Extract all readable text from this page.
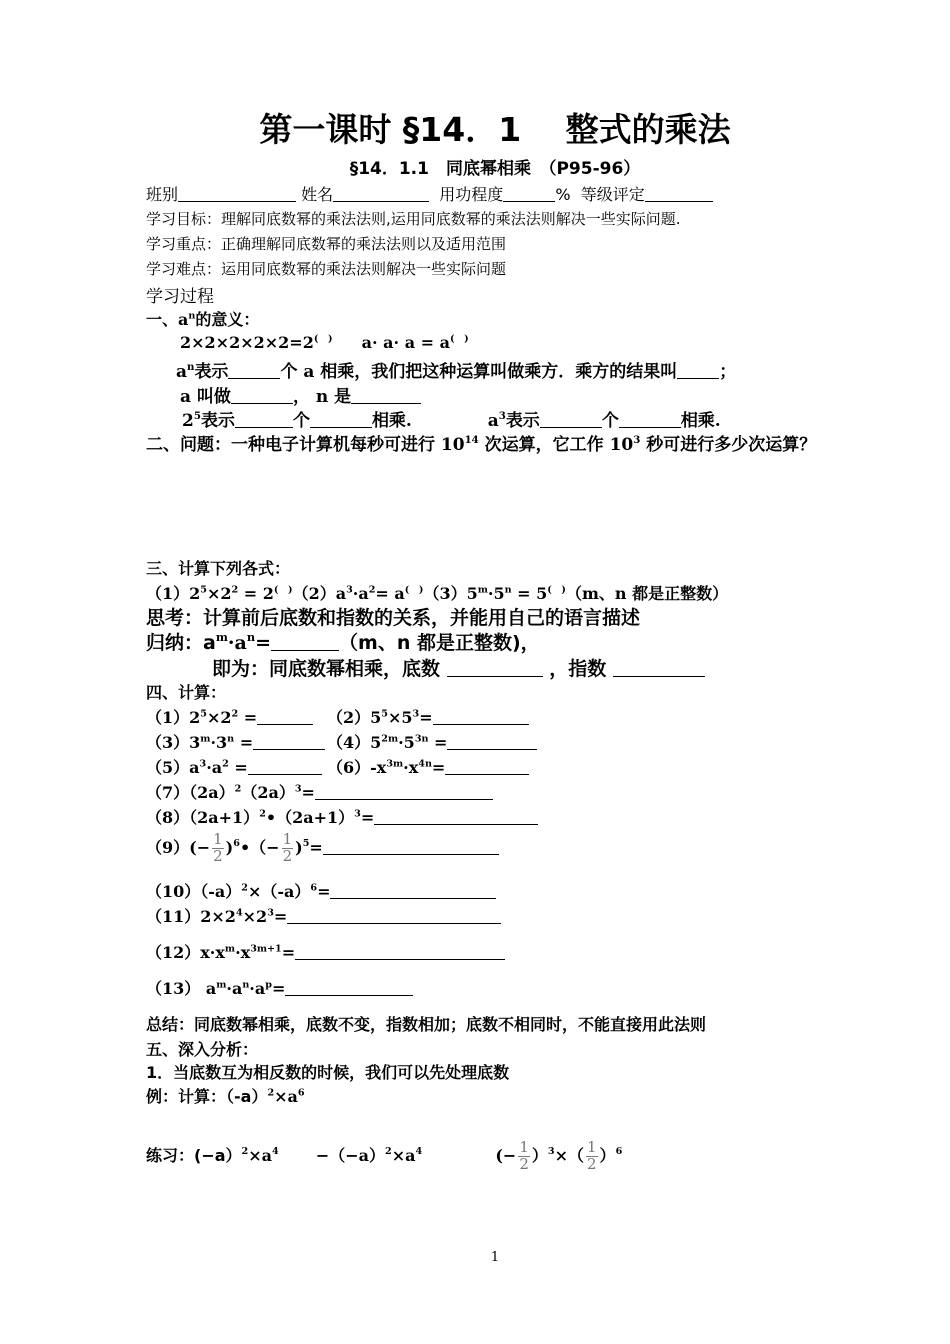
第一课时 §14．1　 整式的乘法
§14．1.1　同底幂相乘　（P95-96）
班别	姓名	用功程度	% 等级评定
学习目标：理解同底数幂的乘法法则,运用同底数幂的乘法法则解决一些实际问题.
学习重点：正确理解同底数幂的乘法法则以及适用范围
学习难点：运用同底数幂的乘法法则解决一些实际问题
学习过程
一、$a^n$的意义：
2×2×2×2×2=2(　) a· a· a = a(　)
$a^n$表示	个 a 相乘，我们把这种运算叫做乘方．乘方的结果叫 ；
a 叫做	， n 是
$2^5$表示	个	相乘.	$a^3$表示	个	相乘.
二、问题：一种电子计算机每秒可进行 $10^{14}$ 次运算，它工作 $10^3$ 秒可进行多少次运算？
三、计算下列各式：
$(1)2^5\times 2^2 = 2^{( )}(2)a^3\cdot a^2= a^{( )}(3)5^m\cdot 5^n = 5^{( )}(m$、n 都是正整数）
思考：计算前后底数和指数的关系，并能用自己的语言描述
归纳：$a^m\cdot a^n=$	（m、n 都是正整数)，
即为：同底数幂相乘，底数	，指数
四、计算：
$(1)2^5\times 2^2$ =	$(2)5^5\times 5^3=$
$(3)3^m\cdot 3^n$ =	$(4)5^{2m}\cdot 5^{3n}$ =
$(5)a^3\cdot a^2$ =	$(6)-x^{3m}\cdot x^{4n}=$
$(7)(2a)^2(2a)^3=$
$(8)(2a+1)^2•(2a+1)^3=$
$(9)(- \frac{1}{2}$ )$^6•(- \frac{1}{2} )^5=$
$(10)(-a)^2\times(-a)^6=$
$(11)2\times 2^4\times 2^3=$
$(12)x\cdot x^m\cdot x^{3m+1}=$
（13） $a^m\cdot a^n\cdot a^p=$
总结：同底数幂相乘，底数不变，指数相加；底数不相同时，不能直接用此法则
五、深入分析：
1．当底数互为相反数的时候，我们可以先处理底数
例：计算：$(-a)^2\times a^6$
练习：$(-a)^2\times a^4 -(-a)^2\times a^4$	(− $\frac{1}{2} )^3\times( \frac{1}{2} )^6$
1
